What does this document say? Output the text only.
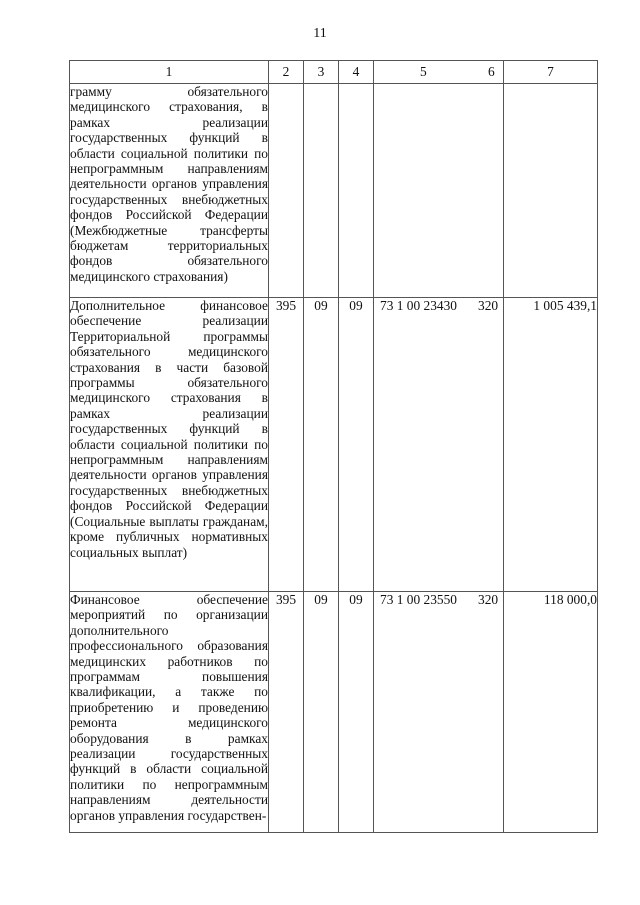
11
1	2	3	4	5 6	7
грамму обязательного медицинского страхования, в рамках реализации государственных функций в области социальной политики по непрограммным направлениям деятельности органов управления государственных внебюджетных фондов Российской Федерации (Межбюджетные трансферты бюджетам территориальных фондов обязательного медицинского страхования)				

Дополнительное финансовое обеспечение реализации Территориальной программы обязательного медицинского страхования в части базовой программы обязательного медицинского страхования в рамках реализации государственных функций в области социальной политики по непрограммным направлениям деятельности органов управления государственных внебюджетных фондов Российской Федерации (Социальные выплаты гражданам, кроме публичных нормативных социальных выплат)	395	09	09	73 1 00 23430 320	1 005 439,1
Финансовое обеспечение мероприятий по организации дополнительного профессионального образования медицинских работников по программам повышения квалификации, а также по приобретению и проведению ремонта медицинского оборудования в рамках реализации государственных функций в области социальной политики по непрограммным направлениям деятельности органов управления государствен-	395	09	09	73 1 00 23550 320	118 000,0
